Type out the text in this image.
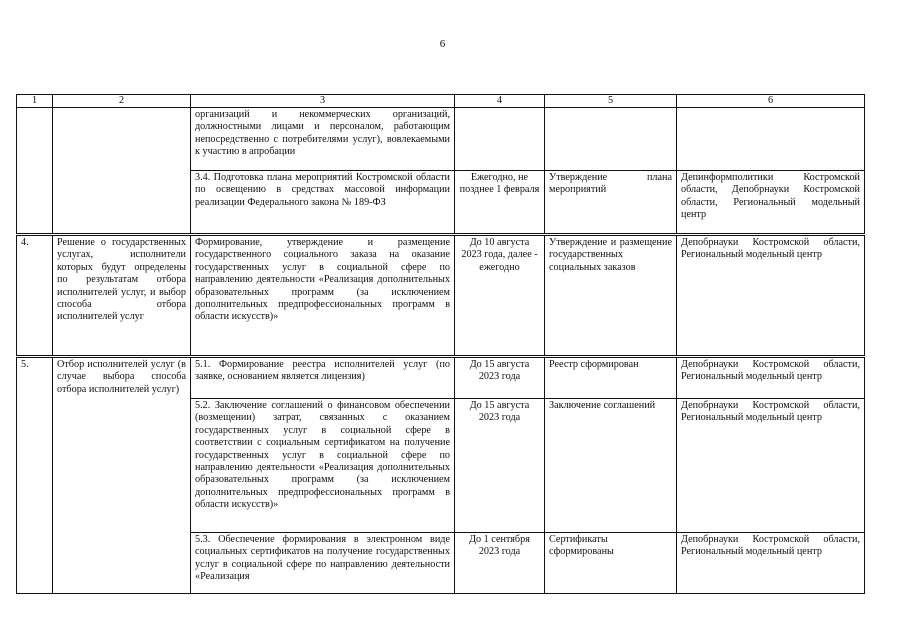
6
1	2	3	4	5	6
		организаций и некоммерческих организаций, должностными лицами и персоналом, работающим непосредственно с потребителями услуг), вовлекаемыми к участию в апробации			
		3.4. Подготовка плана мероприятий Костромской области по освещению в средствах массовой информации реализации Федерального закона № 189-ФЗ	Ежегодно, не позднее 1 февраля	Утверждение плана мероприятий	Депинформполитики Костромской области, Депобрнауки Костромской области, Региональный модельный центр
4.	Решение о государственных услугах, исполнители которых будут определены по результатам отбора исполнителей услуг, и выбор способа отбора исполнителей услуг	Формирование, утверждение и размещение государственного социального заказа на оказание государственных услуг в социальной сфере по направлению деятельности «Реализация дополнительных образовательных программ (за исключением дополнительных предпрофессиональных программ в области искусств)»	До 10 августа 2023 года, далее - ежегодно	Утверждение и размещение государственных социальных заказов	Депобрнауки Костромской области, Региональный модельный центр
5.	Отбор исполнителей услуг (в случае выбора способа отбора исполнителей услуг)	5.1. Формирование реестра исполнителей услуг (по заявке, основанием является лицензия)	До 15 августа 2023 года	Реестр сформирован	Депобрнауки Костромской области, Региональный модельный центр
		5.2. Заключение соглашений о финансовом обеспечении (возмещении) затрат, связанных с оказанием государственных услуг в социальной сфере в соответствии с социальным сертификатом на получение государственных услуг в социальной сфере по направлению деятельности «Реализация дополнительных образовательных программ (за исключением дополнительных предпрофессиональных программ в области искусств)»	До 15 августа 2023 года	Заключение соглашений	Депобрнауки Костромской области, Региональный модельный центр
		5.3. Обеспечение формирования в электронном виде социальных сертификатов на получение государственных услуг в социальной сфере по направлению деятельности «Реализация	До 1 сентября 2023 года	Сертификаты сформированы	Депобрнауки Костромской области, Региональный модельный центр
